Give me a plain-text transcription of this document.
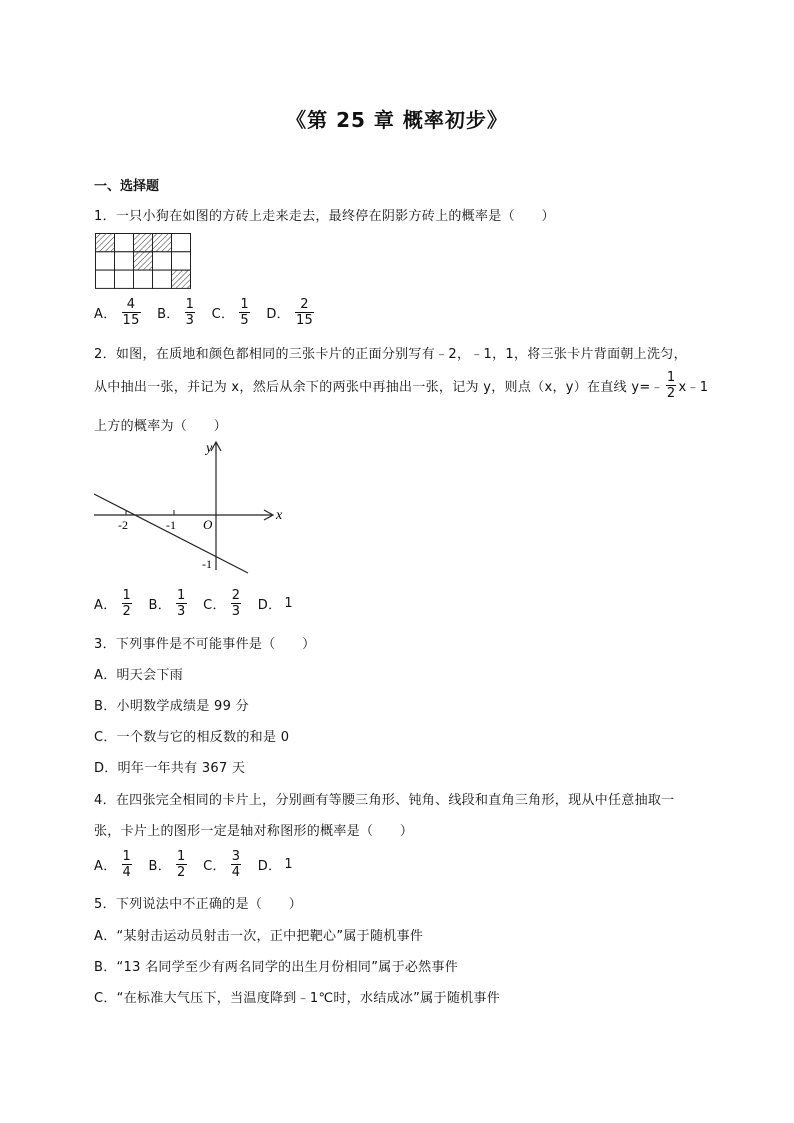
《第 25 章 概率初步》
一、选择题
1．一只小狗在如图的方砖上走来走去，最终停在阴影方砖上的概率是（　　）
A． $\frac{4}{15}$
B． $\frac{1}{3}$
C． $\frac{1}{5}$
D． $\frac{2}{15}$
2．如图，在质地和颜色都相同的三张卡片的正面分别写有﹣2，﹣1，1，将三张卡片背面朝上洗匀，
从中抽出一张，并记为 x，然后从余下的两张中再抽出一张，记为 y，则点（x，y）在直线 y=﹣ $\frac{1}{2}$ x﹣1
上方的概率为（　　）
y
x
O
-2	-1
-1
A． $\frac{1}{2}$
B． $\frac{1}{3}$
C． $\frac{2}{3}$
D． 1
3．下列事件是不可能事件是（　　）
A．明天会下雨
B．小明数学成绩是 99 分
C．一个数与它的相反数的和是 0
D．明年一年共有 367 天
4．在四张完全相同的卡片上，分别画有等腰三角形、钝角、线段和直角三角形，现从中任意抽取一
张，卡片上的图形一定是轴对称图形的概率是（　　）
A． $\frac{1}{4}$
B． $\frac{1}{2}$
C． $\frac{3}{4}$
D． 1
5．下列说法中不正确的是（　　）
A．“某射击运动员射击一次，正中把靶心”属于随机事件
B．“13 名同学至少有两名同学的出生月份相同”属于必然事件
C．“在标准大气压下，当温度降到﹣1℃时，水结成冰”属于随机事件
